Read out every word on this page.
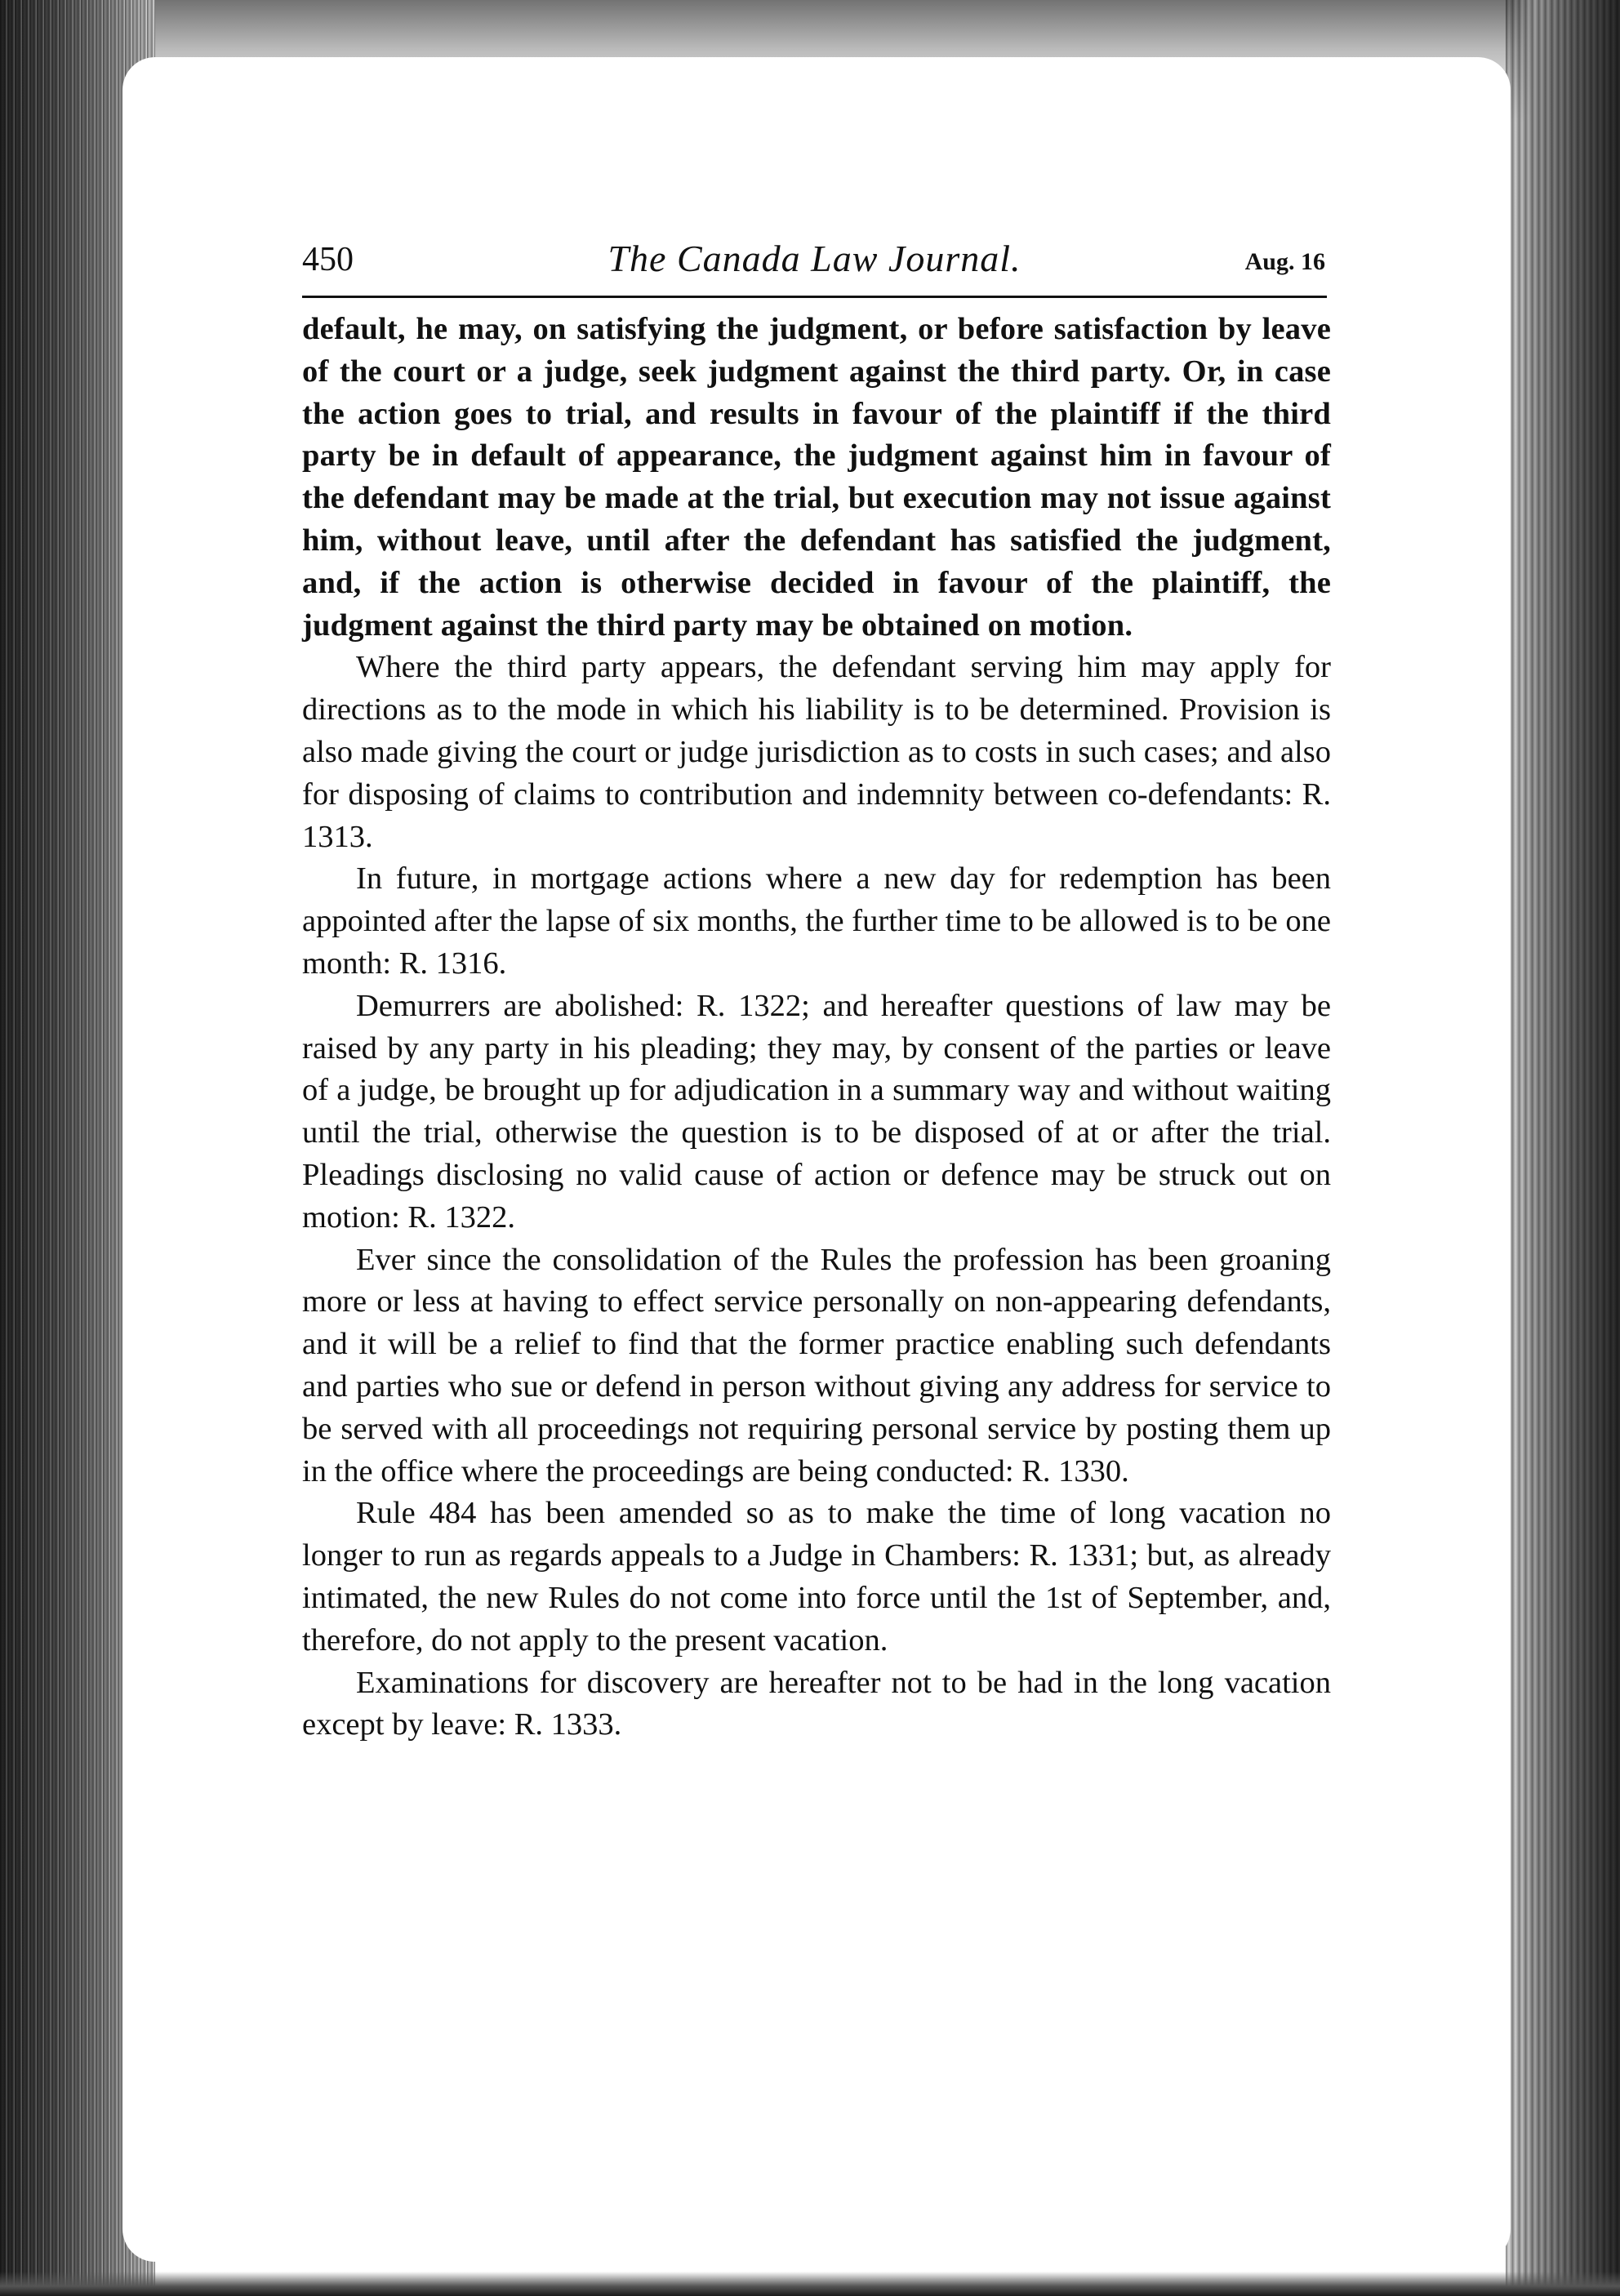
450	The Canada Law Journal.	Aug. 16

default, he may, on satisfying the judgment, or before satisfaction by leave of the court or a judge, seek judgment against the third party. Or, in case the action goes to trial, and results in favour of the plaintiff if the third party be in default of appearance, the judgment against him in favour of the defendant may be made at the trial, but execution may not issue against him, without leave, until after the defendant has satisfied the judgment, and, if the action is otherwise decided in favour of the plaintiff, the judgment against the third party may be obtained on motion.

Where the third party appears, the defendant serving him may apply for directions as to the mode in which his liability is to be determined. Provision is also made giving the court or judge jurisdiction as to costs in such cases; and also for disposing of claims to contribution and indemnity between co-defendants: R. 1313.

In future, in mortgage actions where a new day for redemption has been appointed after the lapse of six months, the further time to be allowed is to be one month: R. 1316.

Demurrers are abolished: R. 1322; and hereafter questions of law may be raised by any party in his pleading; they may, by consent of the parties or leave of a judge, be brought up for adjudication in a summary way and without waiting until the trial, otherwise the question is to be disposed of at or after the trial. Pleadings disclosing no valid cause of action or defence may be struck out on motion: R. 1322.

Ever since the consolidation of the Rules the profession has been groaning more or less at having to effect service personally on non-appearing defendants, and it will be a relief to find that the former practice enabling such defendants and parties who sue or defend in person without giving any address for service to be served with all proceedings not requiring personal service by posting them up in the office where the proceedings are being conducted: R. 1330.

Rule 484 has been amended so as to make the time of long vacation no longer to run as regards appeals to a Judge in Chambers: R. 1331; but, as already intimated, the new Rules do not come into force until the 1st of September, and, therefore, do not apply to the present vacation.

Examinations for discovery are hereafter not to be had in the long vacation except by leave: R. 1333.
